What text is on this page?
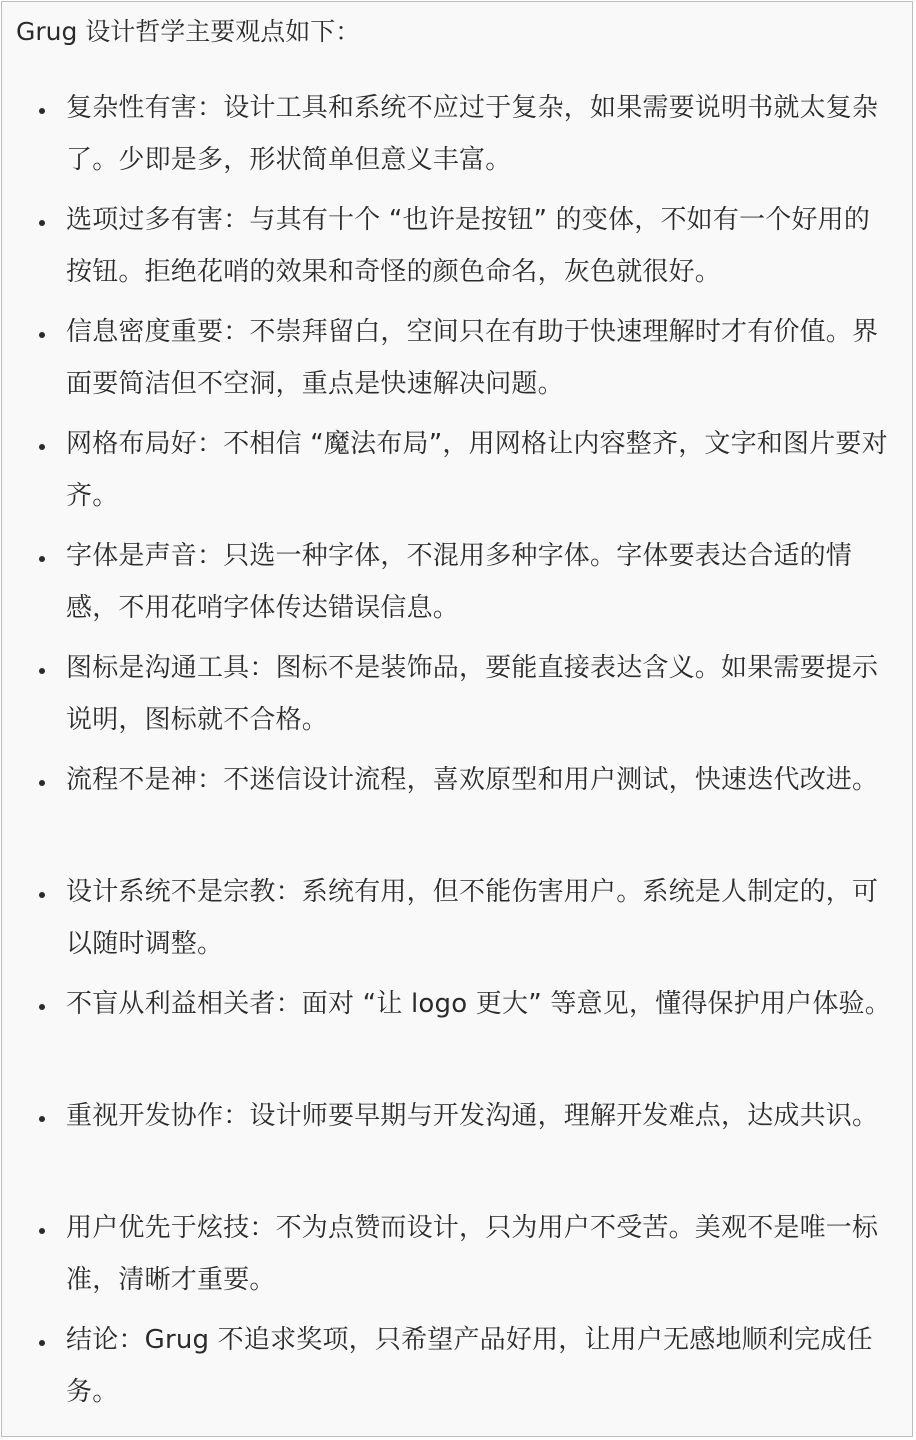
Grug 设计哲学主要观点如下：

复杂性有害：设计工具和系统不应过于复杂，如果需要说明书就太复杂了。少即是多，形状简单但意义丰富。

选项过多有害：与其有十个 “也许是按钮” 的变体，不如有一个好用的按钮。拒绝花哨的效果和奇怪的颜色命名，灰色就很好。

信息密度重要：不崇拜留白，空间只在有助于快速理解时才有价值。界面要简洁但不空洞，重点是快速解决问题。

网格布局好：不相信 “魔法布局”，用网格让内容整齐，文字和图片要对齐。

字体是声音：只选一种字体，不混用多种字体。字体要表达合适的情感，不用花哨字体传达错误信息。

图标是沟通工具：图标不是装饰品，要能直接表达含义。如果需要提示说明，图标就不合格。

流程不是神：不迷信设计流程，喜欢原型和用户测试，快速迭代改进。

设计系统不是宗教：系统有用，但不能伤害用户。系统是人制定的，可以随时调整。

不盲从利益相关者：面对 “让 logo 更大” 等意见，懂得保护用户体验。

重视开发协作：设计师要早期与开发沟通，理解开发难点，达成共识。

用户优先于炫技：不为点赞而设计，只为用户不受苦。美观不是唯一标准，清晰才重要。

结论：Grug 不追求奖项，只希望产品好用，让用户无感地顺利完成任务。
